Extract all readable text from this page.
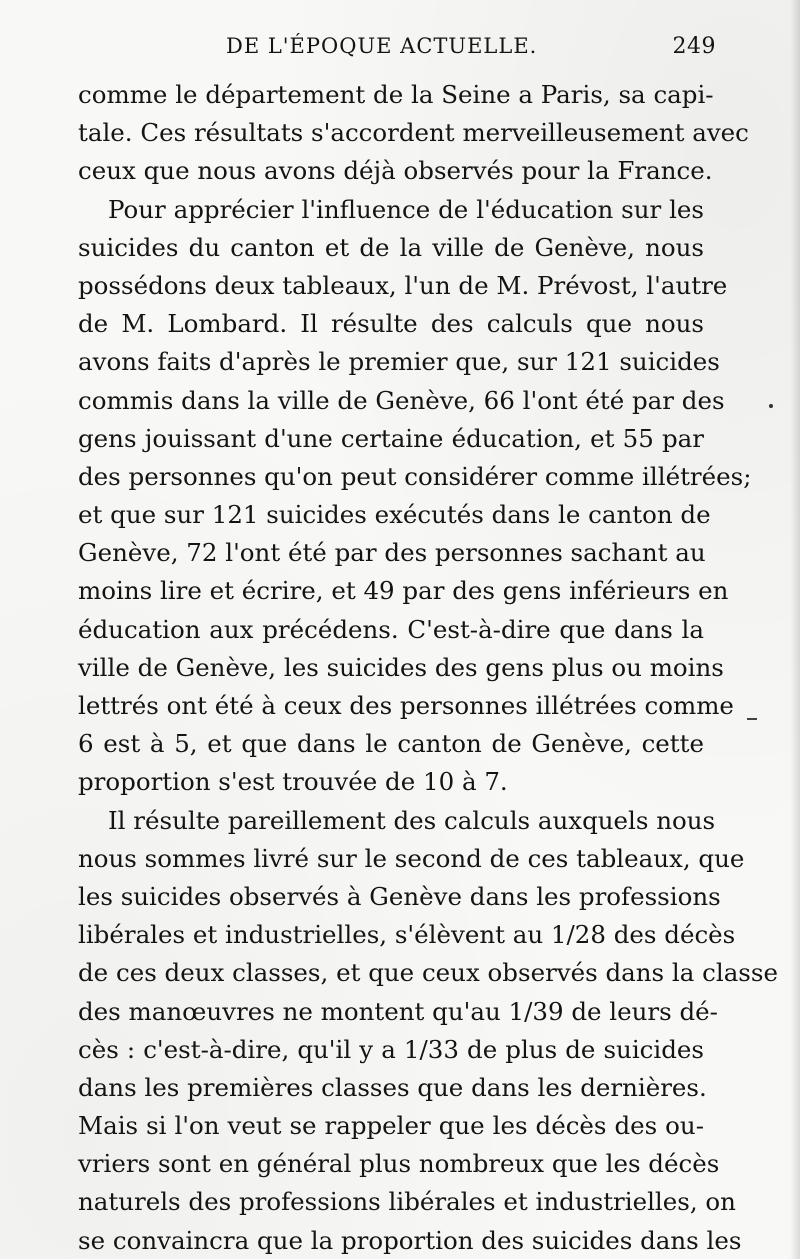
DE L'ÉPOQUE ACTUELLE.	249
comme le département de la Seine a Paris, sa capi-
tale. Ces résultats s'accordent merveilleusement avec
ceux que nous avons déjà observés pour la France.
Pour apprécier l'influence de l'éducation sur les
suicides du canton et de la ville de Genève, nous
possédons deux tableaux, l'un de M. Prévost, l'autre
de M. Lombard. Il résulte des calculs que nous
avons faits d'après le premier que, sur 121 suicides
commis dans la ville de Genève, 66 l'ont été par des
gens jouissant d'une certaine éducation, et 55 par
des personnes qu'on peut considérer comme illétrées;
et que sur 121 suicides exécutés dans le canton de
Genève, 72 l'ont été par des personnes sachant au
moins lire et écrire, et 49 par des gens inférieurs en
éducation aux précédens. C'est-à-dire que dans la
ville de Genève, les suicides des gens plus ou moins
lettrés ont été à ceux des personnes illétrées comme
6 est à 5, et que dans le canton de Genève, cette
proportion s'est trouvée de 10 à 7.
Il résulte pareillement des calculs auxquels nous
nous sommes livré sur le second de ces tableaux, que
les suicides observés à Genève dans les professions
libérales et industrielles, s'élèvent au 1/28 des décès
de ces deux classes, et que ceux observés dans la classe
des manœuvres ne montent qu'au 1/39 de leurs dé-
cès : c'est-à-dire, qu'il y a 1/33 de plus de suicides
dans les premières classes que dans les dernières.
Mais si l'on veut se rappeler que les décès des ou-
vriers sont en général plus nombreux que les décès
naturels des professions libérales et industrielles, on
se convaincra que la proportion des suicides dans les
